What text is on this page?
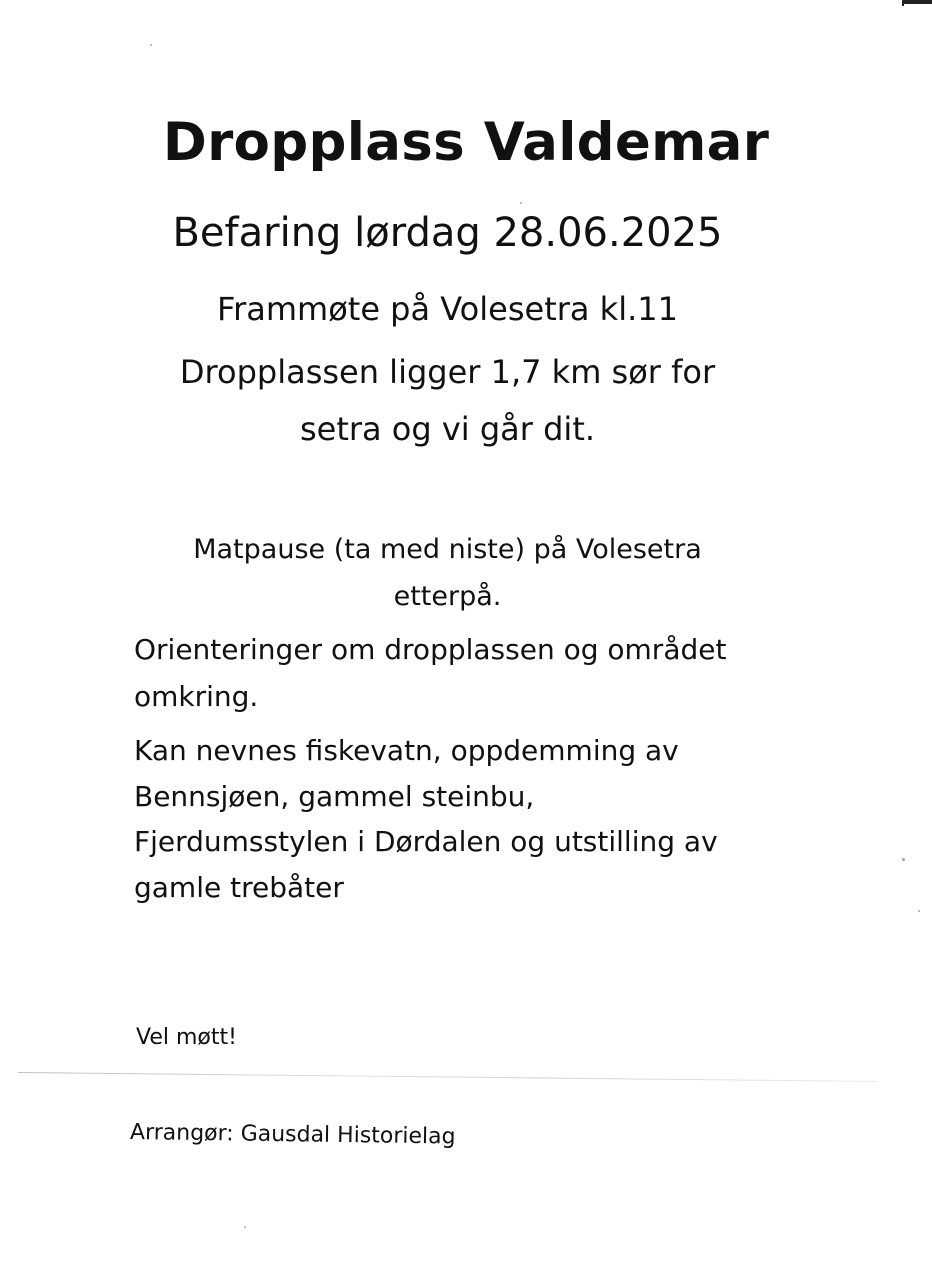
Dropplass Valdemar
Befaring lørdag 28.06.2025
Frammøte på Volesetra kl.11
Dropplassen ligger 1,7 km sør for
setra og vi går dit.
Matpause (ta med niste) på Volesetra
etterpå.
Orienteringer om dropplassen og området
omkring.
Kan nevnes fiskevatn, oppdemming av
Bennsjøen, gammel steinbu,
Fjerdumsstylen i Dørdalen og utstilling av
gamle trebåter
Vel møtt!
Arrangør: Gausdal Historielag
